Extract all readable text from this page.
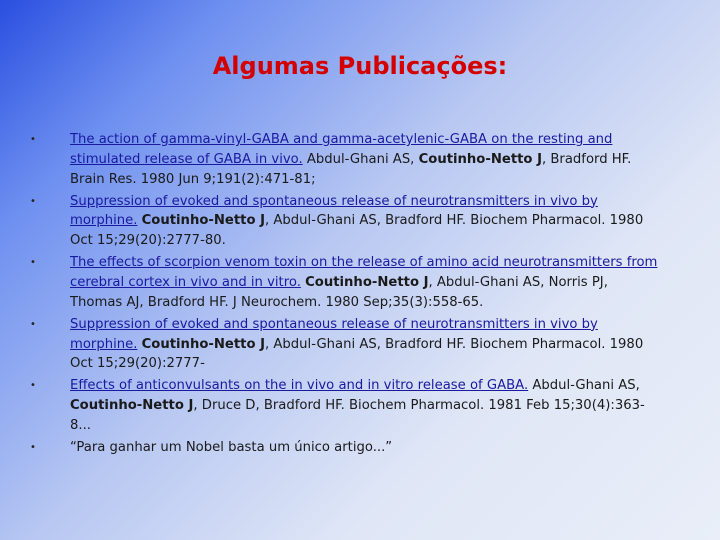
Algumas Publicações:
• The action of gamma-vinyl-GABA and gamma-acetylenic-GABA on the resting and stimulated release of GABA in vivo. Abdul-Ghani AS, Coutinho-Netto J, Bradford HF. Brain Res. 1980 Jun 9;191(2):471-81;
• Suppression of evoked and spontaneous release of neurotransmitters in vivo by morphine. Coutinho-Netto J, Abdul-Ghani AS, Bradford HF. Biochem Pharmacol. 1980 Oct 15;29(20):2777-80.
• The effects of scorpion venom toxin on the release of amino acid neurotransmitters from cerebral cortex in vivo and in vitro. Coutinho-Netto J, Abdul-Ghani AS, Norris PJ, Thomas AJ, Bradford HF. J Neurochem. 1980 Sep;35(3):558-65.
• Suppression of evoked and spontaneous release of neurotransmitters in vivo by morphine. Coutinho-Netto J, Abdul-Ghani AS, Bradford HF. Biochem Pharmacol. 1980 Oct 15;29(20):2777-
• Effects of anticonvulsants on the in vivo and in vitro release of GABA. Abdul-Ghani AS, Coutinho-Netto J, Druce D, Bradford HF. Biochem Pharmacol. 1981 Feb 15;30(4):363-8...
• “Para ganhar um Nobel basta um único artigo...”
